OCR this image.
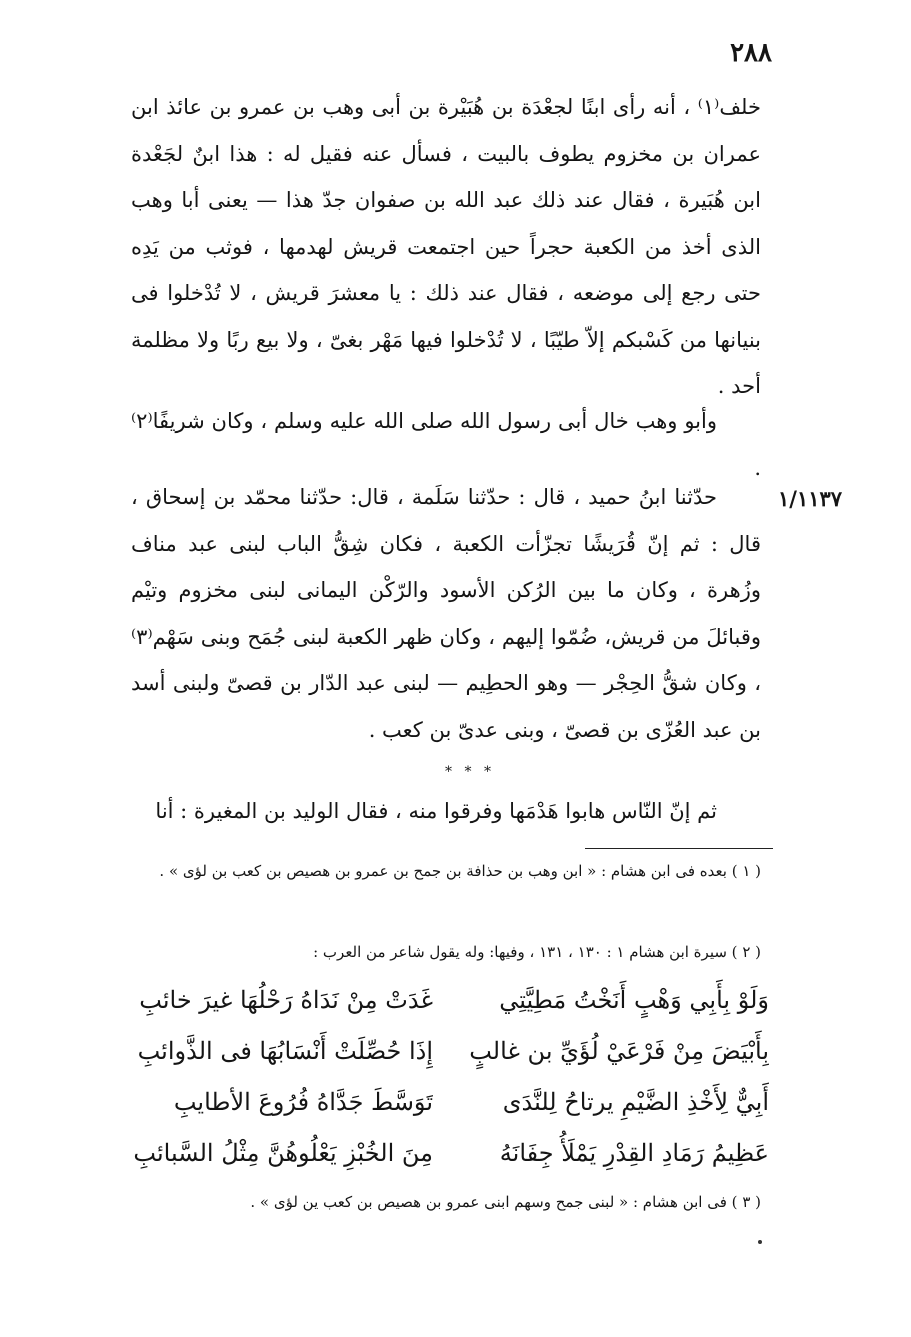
٢٨٨

خلف⁽١⁾ ، أنه رأى ابنًا لجعْدَة بن هُبَيْرة بن أبى وهب بن عمرو بن عائذ ابن عمران بن مخزوم يطوف بالبيت ، فسأل عنه فقيل له : هذا ابنٌ لجَعْدة ابن هُبَيرة ، فقال عند ذلك عبد الله بن صفوان جدّ هذا — يعنى أبا وهب الذى أخذ من الكعبة حجراً حين اجتمعت قريش لهدمها ، فوثب من يَدِه حتى رجع إلى موضعه ، فقال عند ذلك : يا معشرَ قريش ، لا تُدْخلوا فى بنيانها من كَسْبكم إلاّ طيّبًا ، لا تُدْخلوا فيها مَهْر بغىّ ، ولا بيع ربًا ولا مظلمة أحد .

وأبو وهب خال أبى رسول الله صلى الله عليه وسلم ، وكان شريفًا⁽٢⁾ .

١/١١٣٧

حدّثنا ابنُ حميد ، قال : حدّثنا سَلَمة ، قال: حدّثنا محمّد بن إسحاق ، قال : ثم إنّ قُرَيشًا تجزّأت الكعبة ، فكان شِقُّ الباب لبنى عبد مناف وزُهرة ، وكان ما بين الرُكن الأسود والرّكْن اليمانى لبنى مخزوم وتيْم وقبائلَ من قريش، ضُمّوا إليهم ، وكان ظهر الكعبة لبنى جُمَح وبنى سَهْم⁽٣⁾ ، وكان شقُّ الحِجْر — وهو الحطِيم — لبنى عبد الدّار بن قصىّ ولبنى أسد بن عبد العُزّى بن قصىّ ، وبنى عدىّ بن كعب .

* * *

ثم إنّ النّاس هابوا هَدْمَها وفرقوا منه ، فقال الوليد بن المغيرة : أنا

( ١ ) بعده فى ابن هشام : « ابن وهب بن حذافة بن جمح بن عمرو بن هصيص بن كعب بن لؤى » .

( ٢ ) سيرة ابن هشام ١ : ١٣٠ ، ١٣١ ، وفيها: وله يقول شاعر من العرب :

وَلَوْ بِأَبِي وَهْبٍ أَنَخْتُ مَطِيَّتِي
غَدَتْ مِنْ نَدَاهُ رَحْلُهَا غيرَ خائبِ
بِأَبْيَضَ مِنْ فَرْعَيْ لُؤَيِّ بن غالبٍ
إِذَا حُصِّلَتْ أَنْسَابُهَا فى الذَّوائبِ
أَبِيٌّ لِأَخْذِ الضَّيْمِ يرتاحُ لِلنَّدَى
تَوَسَّطَ جَدَّاهُ فُرُوعَ الأطايبِ
عَظِيمُ رَمَادِ القِدْرِ يَمْلَأُ جِفَانَهُ
مِنَ الخُبْزِ يَعْلُوهُنَّ مِثْلُ السَّبائبِ

( ٣ ) فى ابن هشام : « لبنى جمح وسهم ابنى عمرو بن هصيص بن كعب ين لؤى » .
